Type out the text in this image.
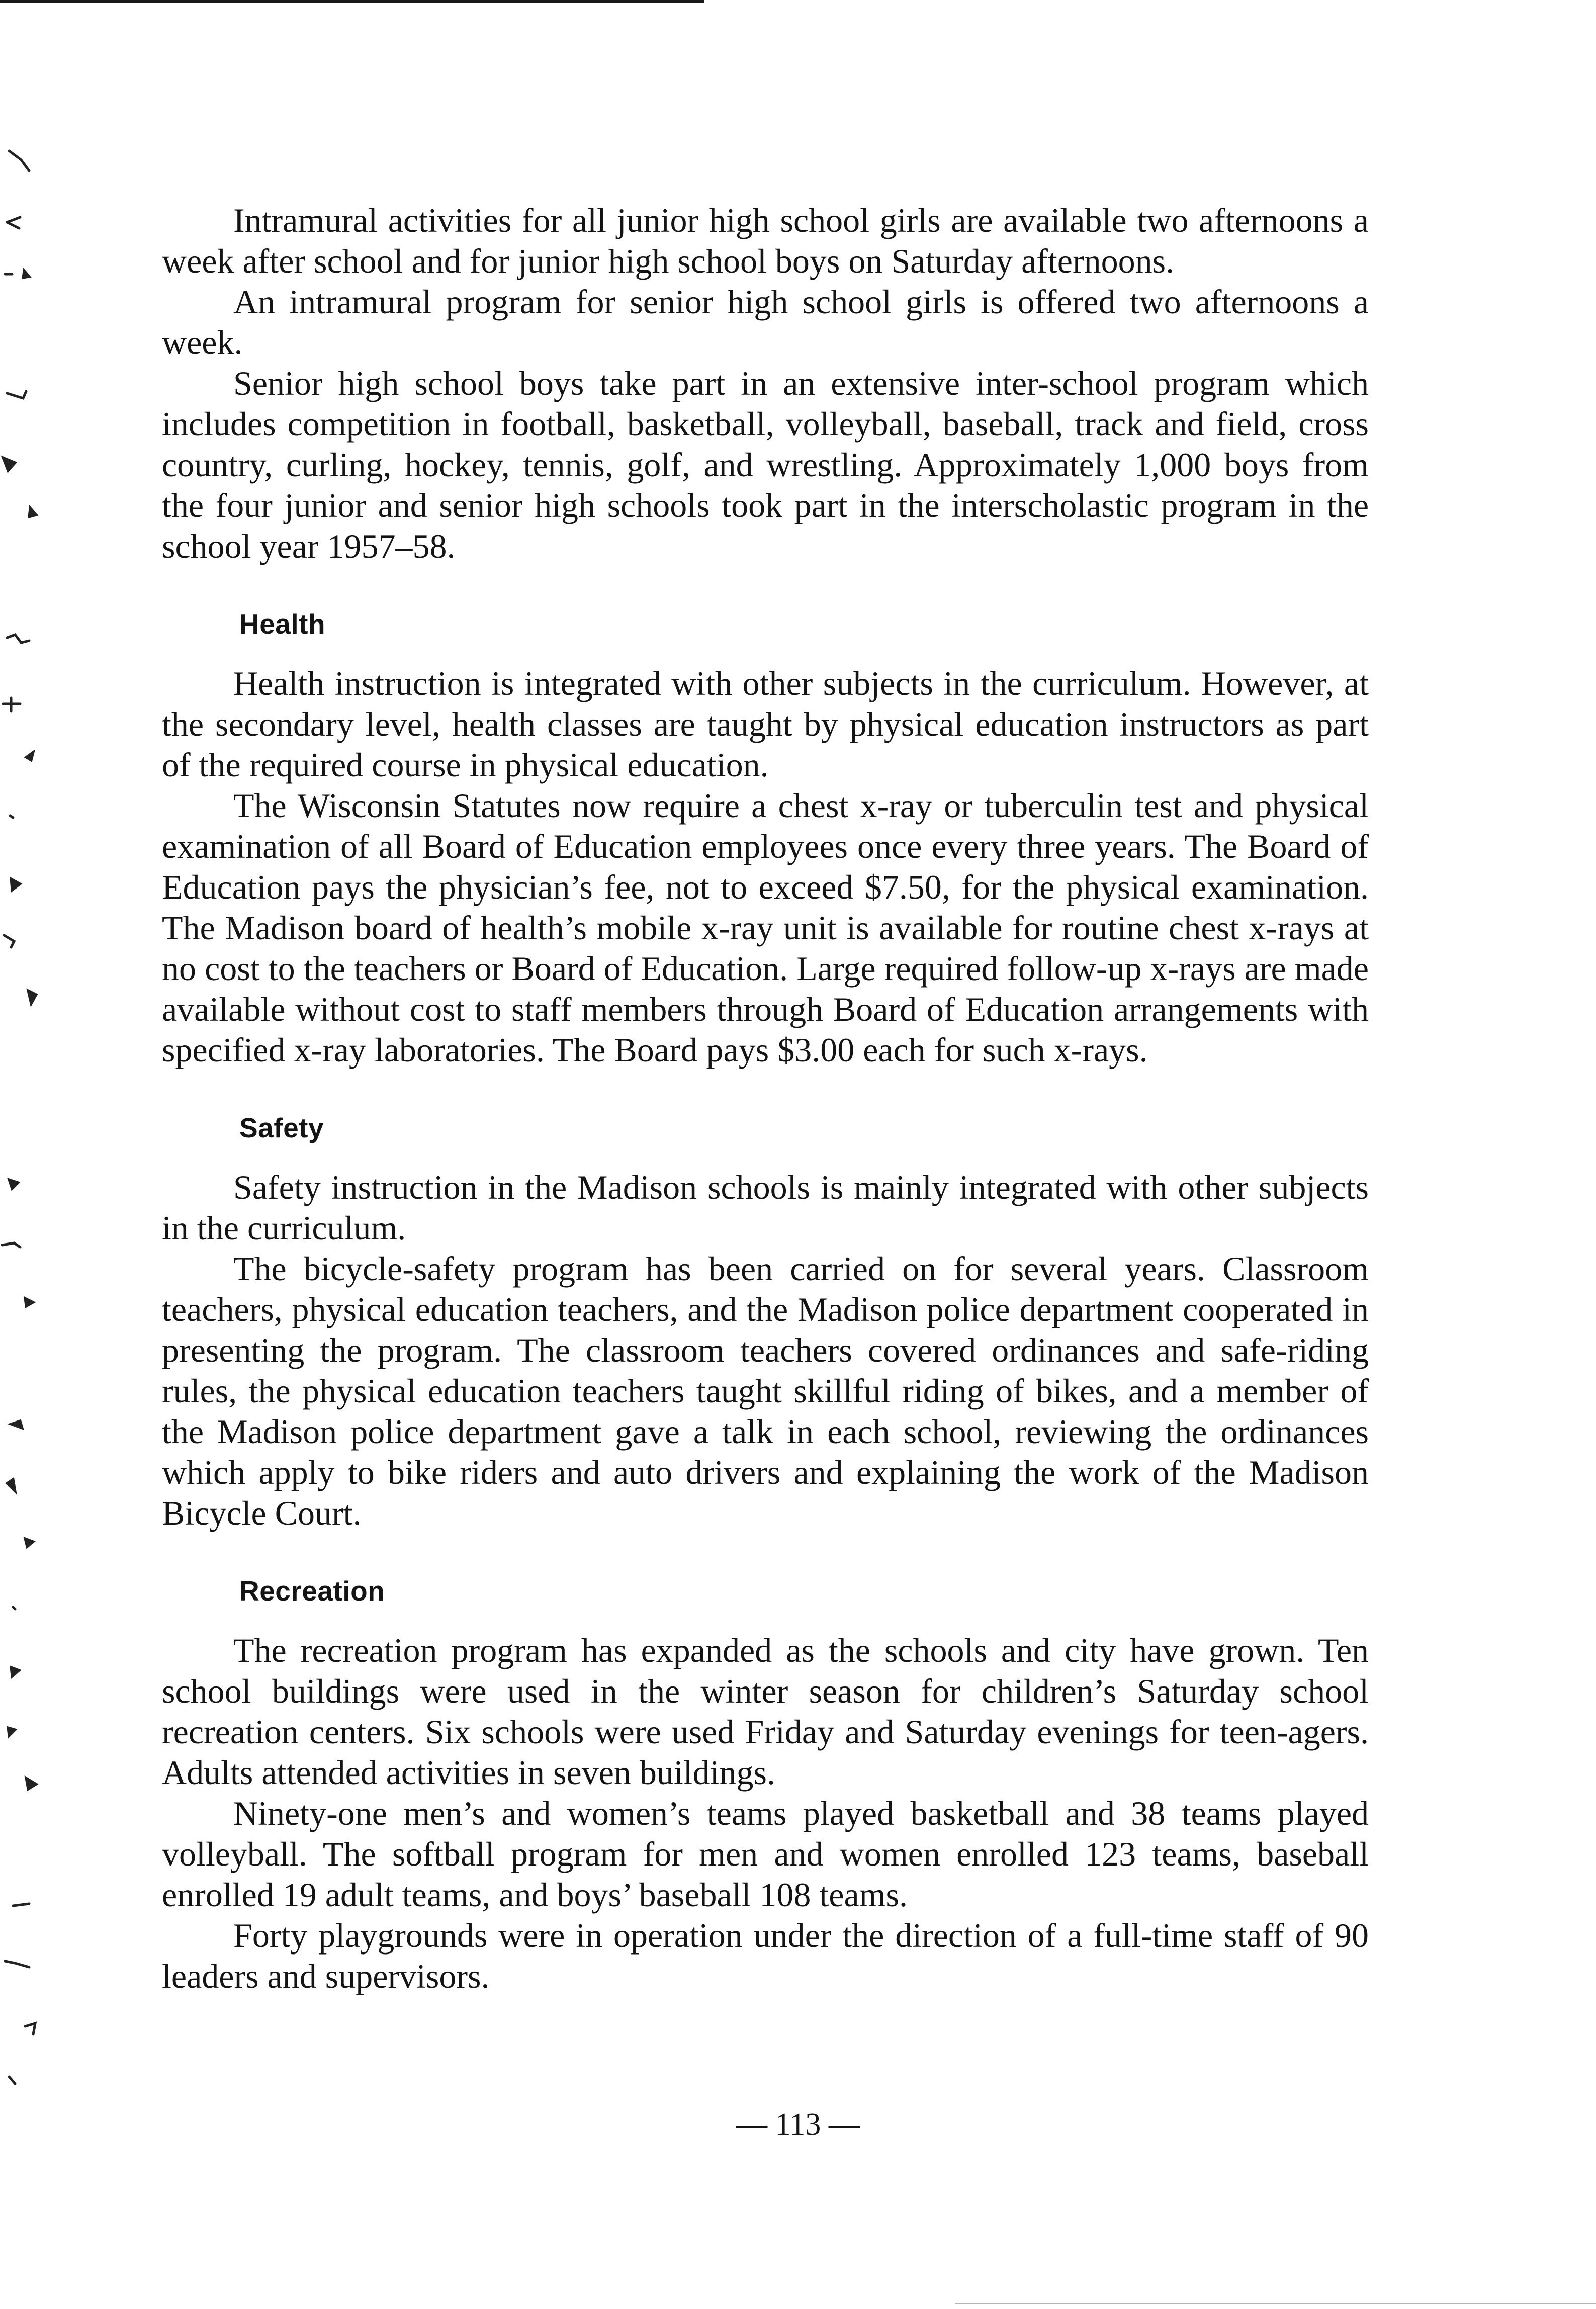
Intramural activities for all junior high school girls are available two afternoons a week after school and for junior high school boys on Saturday afternoons.

An intramural program for senior high school girls is offered two afternoons a week.

Senior high school boys take part in an extensive inter-school program which includes competition in football, basketball, volleyball, baseball, track and field, cross country, curling, hockey, tennis, golf, and wrestling. Approximately 1,000 boys from the four junior and senior high schools took part in the interscholastic program in the school year 1957–58.

Health

Health instruction is integrated with other subjects in the curriculum. However, at the secondary level, health classes are taught by physical education instructors as part of the required course in physical education.

The Wisconsin Statutes now require a chest x-ray or tuberculin test and physical examination of all Board of Education employees once every three years. The Board of Education pays the physician’s fee, not to exceed $7.50, for the physical examination. The Madison board of health’s mobile x-ray unit is available for routine chest x-rays at no cost to the teachers or Board of Education. Large required follow-up x-rays are made available without cost to staff members through Board of Education arrangements with specified x-ray laboratories. The Board pays $3.00 each for such x-rays.

Safety

Safety instruction in the Madison schools is mainly integrated with other subjects in the curriculum.

The bicycle-safety program has been carried on for several years. Classroom teachers, physical education teachers, and the Madison police department cooperated in presenting the program. The classroom teachers covered ordinances and safe-riding rules, the physical education teachers taught skillful riding of bikes, and a member of the Madison police department gave a talk in each school, reviewing the ordinances which apply to bike riders and auto drivers and explaining the work of the Madison Bicycle Court.

Recreation

The recreation program has expanded as the schools and city have grown. Ten school buildings were used in the winter season for children’s Saturday school recreation centers. Six schools were used Friday and Saturday evenings for teen-agers. Adults attended activities in seven buildings.

Ninety-one men’s and women’s teams played basketball and 38 teams played volleyball. The softball program for men and women enrolled 123 teams, baseball enrolled 19 adult teams, and boys’ baseball 108 teams.

Forty playgrounds were in operation under the direction of a full-time staff of 90 leaders and supervisors.

— 113 —
